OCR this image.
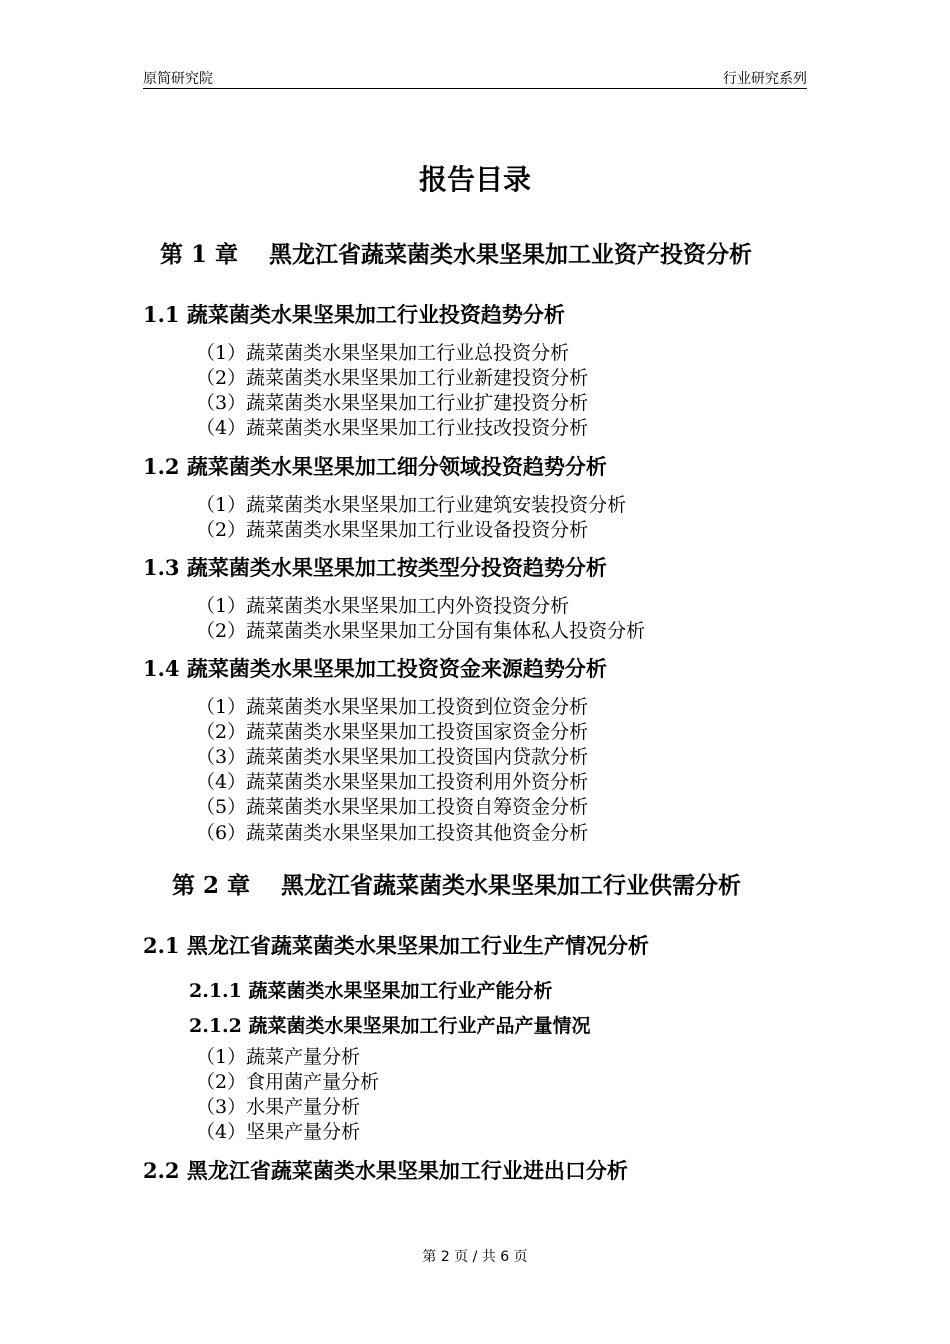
原简研究院	行业研究系列
报告目录
第 1 章　 黑龙江省蔬菜菌类水果坚果加工业资产投资分析
1.1 蔬菜菌类水果坚果加工行业投资趋势分析
（1）蔬菜菌类水果坚果加工行业总投资分析
（2）蔬菜菌类水果坚果加工行业新建投资分析
（3）蔬菜菌类水果坚果加工行业扩建投资分析
（4）蔬菜菌类水果坚果加工行业技改投资分析
1.2 蔬菜菌类水果坚果加工细分领域投资趋势分析
（1）蔬菜菌类水果坚果加工行业建筑安装投资分析
（2）蔬菜菌类水果坚果加工行业设备投资分析
1.3 蔬菜菌类水果坚果加工按类型分投资趋势分析
（1）蔬菜菌类水果坚果加工内外资投资分析
（2）蔬菜菌类水果坚果加工分国有集体私人投资分析
1.4 蔬菜菌类水果坚果加工投资资金来源趋势分析
（1）蔬菜菌类水果坚果加工投资到位资金分析
（2）蔬菜菌类水果坚果加工投资国家资金分析
（3）蔬菜菌类水果坚果加工投资国内贷款分析
（4）蔬菜菌类水果坚果加工投资利用外资分析
（5）蔬菜菌类水果坚果加工投资自筹资金分析
（6）蔬菜菌类水果坚果加工投资其他资金分析
第 2 章　 黑龙江省蔬菜菌类水果坚果加工行业供需分析
2.1 黑龙江省蔬菜菌类水果坚果加工行业生产情况分析
2.1.1 蔬菜菌类水果坚果加工行业产能分析
2.1.2 蔬菜菌类水果坚果加工行业产品产量情况
（1）蔬菜产量分析
（2）食用菌产量分析
（3）水果产量分析
（4）坚果产量分析
2.2 黑龙江省蔬菜菌类水果坚果加工行业进出口分析
第 2 页 / 共 6 页
